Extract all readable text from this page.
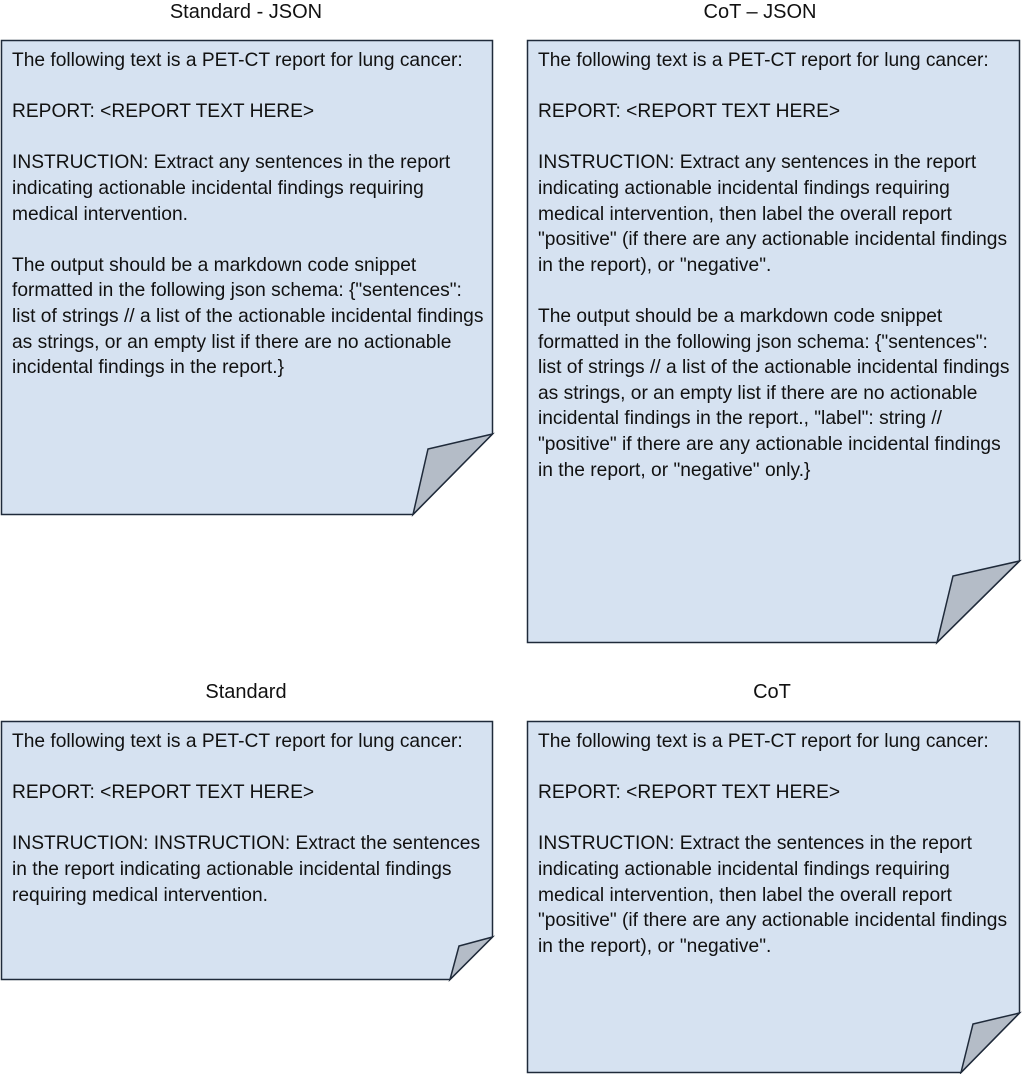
Standard - JSON	CoT – JSON
Standard	CoT

The following text is a PET-CT report for lung cancer:

REPORT: <REPORT TEXT HERE>

INSTRUCTION: Extract any sentences in the report indicating actionable incidental findings requiring medical intervention.

The output should be a markdown code snippet formatted in the following json schema: {"sentences": list of strings // a list of the actionable incidental findings as strings, or an empty list if there are no actionable incidental findings in the report.}

The following text is a PET-CT report for lung cancer:

REPORT: <REPORT TEXT HERE>

INSTRUCTION: Extract any sentences in the report indicating actionable incidental findings requiring medical intervention, then label the overall report "positive" (if there are any actionable incidental findings in the report), or "negative".

The output should be a markdown code snippet formatted in the following json schema: {"sentences": list of strings // a list of the actionable incidental findings as strings, or an empty list if there are no actionable incidental findings in the report., "label": string // "positive" if there are any actionable incidental findings in the report, or "negative" only.}

The following text is a PET-CT report for lung cancer:

REPORT: <REPORT TEXT HERE>

INSTRUCTION: INSTRUCTION: Extract the sentences in the report indicating actionable incidental findings requiring medical intervention.

The following text is a PET-CT report for lung cancer:

REPORT: <REPORT TEXT HERE>

INSTRUCTION: Extract the sentences in the report indicating actionable incidental findings requiring medical intervention, then label the overall report "positive" (if there are any actionable incidental findings in the report), or "negative".
